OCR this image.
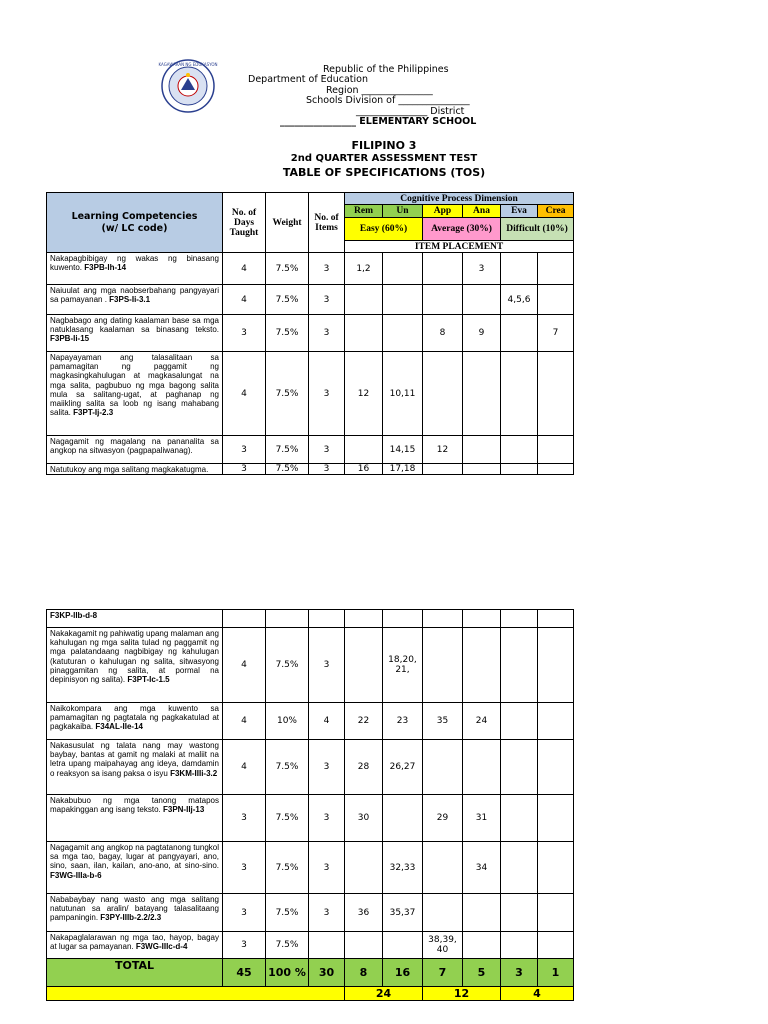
KAGAWARAN NG EDUKASYON	Republic of the Philippines
Department of Education
Region _______________
Schools Division of _______________
_______________ District
________________ ELEMENTARY SCHOOL
FILIPINO 3
2nd QUARTER ASSESSMENT TEST
TABLE OF SPECIFICATIONS (TOS)
Learning Competencies
(w/ LC code)	No. of Days Taught	Weight	No. of Items	Cognitive Process Dimension					
				Rem	Un	App	Ana	Eva	Crea
				Easy (60%)		Average (30%)		Difficult (10%)	
				ITEM PLACEMENT					
Nakapagbibigay ng wakas ng binasang kuwento. F3PB-Ih-14	4	7.5%	3	1,2			3		
Naiuulat ang mga naobserbahang pangyayari sa pamayanan . F3PS-Ii-3.1	4	7.5%	3					4,5,6	
Nagbabago ang dating kaalaman base sa mga natuklasang kaalaman sa binasang teksto. F3PB-Ii-15	3	7.5%	3			8	9		7
Napayayaman ang talasalitaan sa pamamagitan ng paggamit ng magkasingkahulugan at magkasalungat na mga salita, pagbubuo ng mga bagong salita mula sa salitang-ugat, at paghanap ng maiikling salita sa loob ng isang mahabang salita. F3PT-Ij-2.3	4	7.5%	3	12	10,11				
Nagagamit ng magalang na pananalita sa angkop na sitwasyon (pagpapaliwanag).	3	7.5%	3		14,15	12			
Natutukoy ang mga salitang magkakatugma.	3	7.5%	3	16	17,18				
F3KP-IIb-d-8									
Nakakagamit ng pahiwatig upang malaman ang kahulugan ng mga salita tulad ng paggamit ng mga palatandaang nagbibigay ng kahulugan (katuturan o kahulugan ng salita, sitwasyong pinaggamitan ng salita, at pormal na depinisyon ng salita). F3PT-Ic-1.5	4	7.5%	3		18,20, 21,				
Naikokompara ang mga kuwento sa pamamagitan ng pagtatala ng pagkakatulad at pagkakaiba. F34AL-IIe-14	4	10%	4	22	23	35	24		
Nakasusulat ng talata nang may wastong baybay, bantas at gamit ng malaki at maliit na letra upang maipahayag ang ideya, damdamin o reaksyon sa isang paksa o isyu F3KM-IIIi-3.2	4	7.5%	3	28	26,27				
Nakabubuo ng mga tanong matapos mapakinggan ang isang teksto. F3PN-IIj-13	3	7.5%	3	30		29	31		
Nagagamit ang angkop na pagtatanong tungkol sa mga tao, bagay, lugar at pangyayari, ano, sino, saan, ilan, kailan, ano-ano, at sino-sino. F3WG-IIIa-b-6	3	7.5%	3		32,33		34		
Nababaybay nang wasto ang mga salitang natutunan sa aralin/ batayang talasalitaang pampaningin. F3PY-IIIb-2.2/2.3	3	7.5%	3	36	35,37				
Nakapaglalarawan ng mga tao, hayop, bagay at lugar sa pamayanan. F3WG-IIIc-d-4	3	7.5%				38,39, 40			
TOTAL	45	100 %	30	8	16	7	5	3	1
				24		12		4	
